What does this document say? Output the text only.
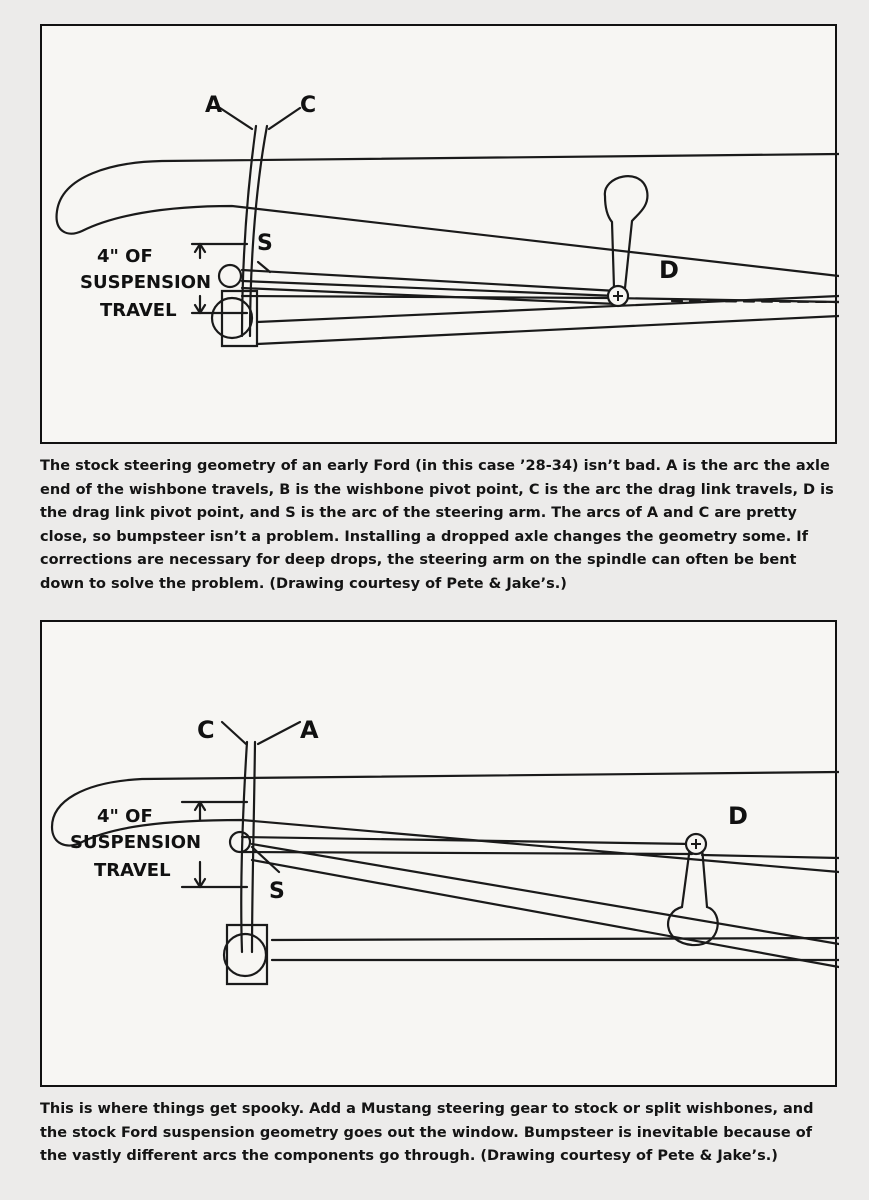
A	C
S
D
4" OF
SUSPENSION
TRAVEL
The stock steering geometry of an early Ford (in this case ’28-34) isn’t bad. A is the arc the axle end of the wishbone travels, B is the wishbone pivot point, C is the arc the drag link travels, D is the drag link pivot point, and S is the arc of the steering arm. The arcs of A and C are pretty close, so bumpsteer isn’t a problem. Installing a dropped axle changes the geometry some. If corrections are necessary for deep drops, the steering arm on the spindle can often be bent down to solve the problem. (Drawing courtesy of Pete & Jake’s.)
C	A
S
D
4" OF
SUSPENSION
TRAVEL
This is where things get spooky. Add a Mustang steering gear to stock or split wishbones, and the stock Ford suspension geometry goes out the window. Bumpsteer is inevitable because of the vastly different arcs the components go through. (Drawing courtesy of Pete & Jake’s.)
